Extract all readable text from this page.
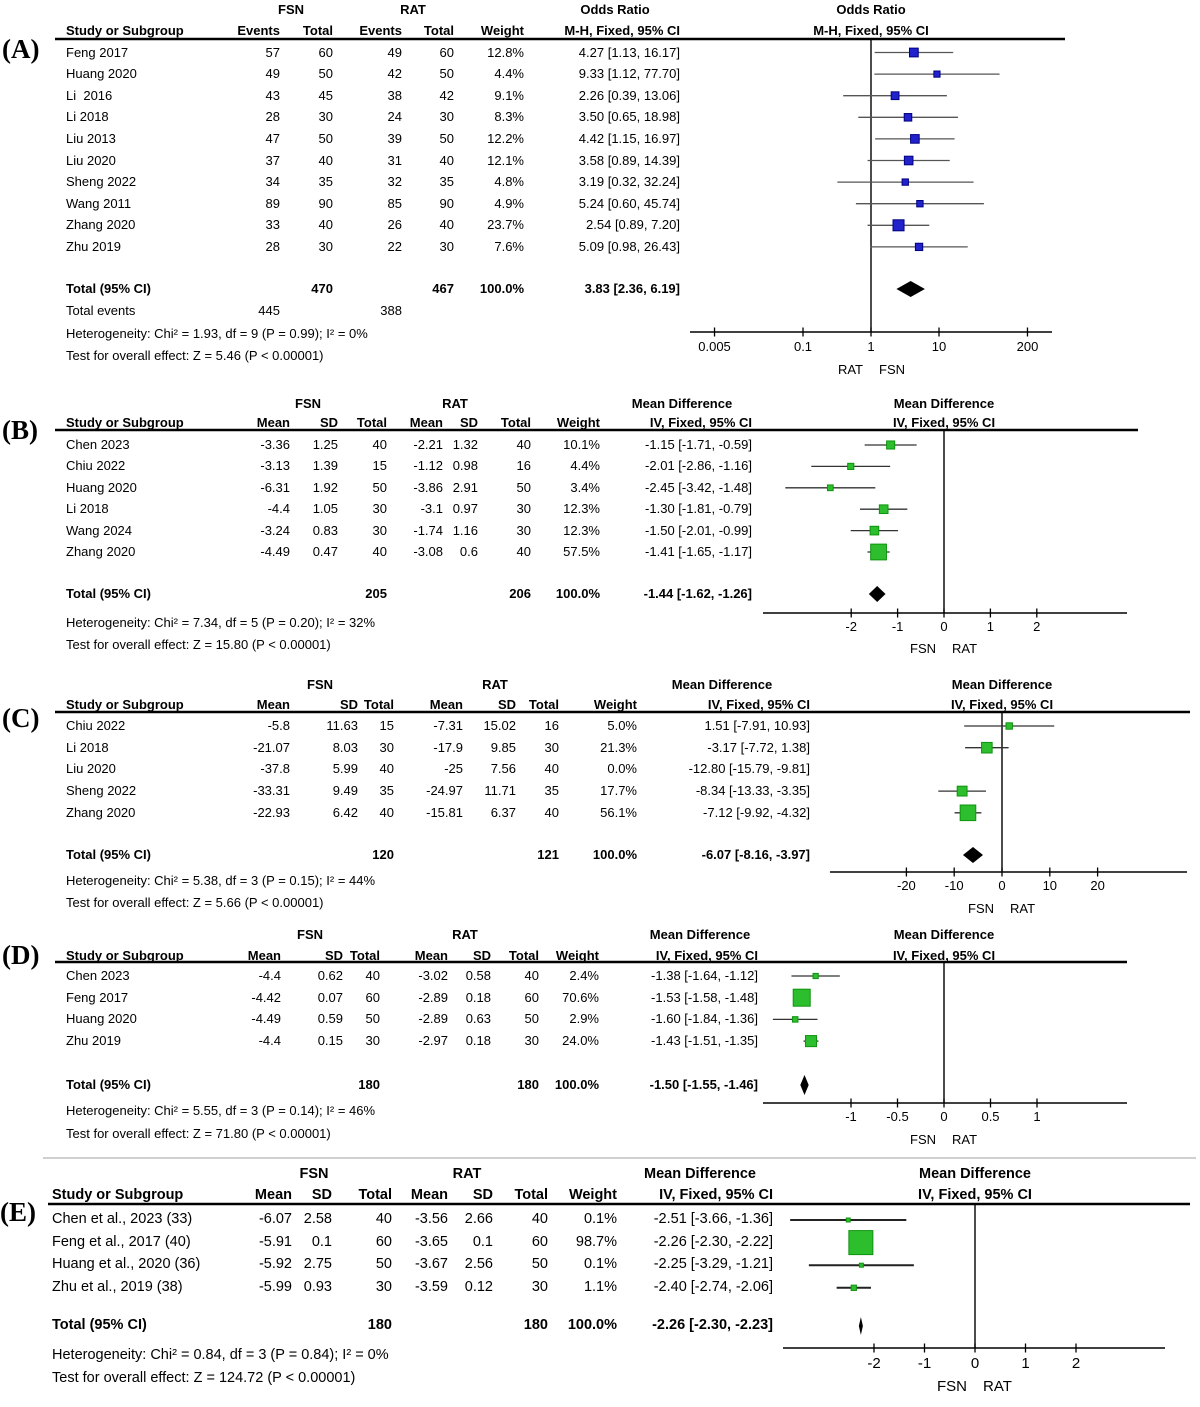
(A)
(B)
(C)
(D)
(E)
FSN	RAT	Odds Ratio	Odds Ratio
M-H, Fixed, 95% CI
Study or Subgroup	Events Total Events Total Weight	M-H, Fixed, 95% CI
0.005	0.1	1	10	200
RAT FSN
Feng 2017	57	60	49	60	12.8%	4.27 [1.13, 16.17]
Huang 2020	49	50	42	50	4.4%	9.33 [1.12, 77.70]
Li  2016	43	45	38	42	9.1%	2.26 [0.39, 13.06]
Li 2018	28	30	24	30	8.3%	3.50 [0.65, 18.98]
Liu 2013	47	50	39	50	12.2%	4.42 [1.15, 16.97]
Liu 2020	37	40	31	40	12.1%	3.58 [0.89, 14.39]
Sheng 2022	34	35	32	35	4.8%	3.19 [0.32, 32.24]
Wang 2011	89	90	85	90	4.9%	5.24 [0.60, 45.74]
Zhang 2020	33	40	26	40	23.7%	2.54 [0.89, 7.20]
Zhu 2019	28	30	22	30	7.6%	5.09 [0.98, 26.43]
Total (95% CI)	470	467 100.0%	3.83 [2.36, 6.19]
Total events	445	388
Heterogeneity: Chi² = 1.93, df = 9 (P = 0.99); I² = 0%
Test for overall effect: Z = 5.46 (P < 0.00001)
FSN	RAT	Mean Difference	Mean Difference
IV, Fixed, 95% CI
Study or Subgroup	Mean SD Total Mean SD Total Weight	IV, Fixed, 95% CI
-2	-1	0	1	2
FSN RAT
Chen 2023	-3.36 1.25	40 -2.21 1.32	40 10.1%	-1.15 [-1.71, -0.59]
Chiu 2022	-3.13 1.39	15 -1.12 0.98	16	4.4%	-2.01 [-2.86, -1.16]
Huang 2020	-6.31 1.92	50 -3.86 2.91	50	3.4%	-2.45 [-3.42, -1.48]
Li 2018	-4.4 1.05	30	-3.1 0.97	30 12.3%	-1.30 [-1.81, -0.79]
Wang 2024	-3.24 0.83	30 -1.74 1.16	30 12.3%	-1.50 [-2.01, -0.99]
Zhang 2020	-4.49 0.47	40 -3.08 0.6	40 57.5%	-1.41 [-1.65, -1.17]
Total (95% CI)	205	206 100.0%	-1.44 [-1.62, -1.26]
Heterogeneity: Chi² = 7.34, df = 5 (P = 0.20); I² = 32%
Test for overall effect: Z = 15.80 (P < 0.00001)
FSN	RAT	Mean Difference	Mean Difference
IV, Fixed, 95% CI
Study or Subgroup	Mean	SD Total	Mean	SD Total	Weight	IV, Fixed, 95% CI
-20 -10	0	10	20
FSN RAT
Chiu 2022	-5.8	11.63 15	-7.31 15.02 16	5.0%	1.51 [-7.91, 10.93]
Li 2018	-21.07	8.03 30	-17.9 9.85 30	21.3%	-3.17 [-7.72, 1.38]
Liu 2020	-37.8	5.99 40	-25 7.56 40	0.0%	-12.80 [-15.79, -9.81]
Sheng 2022	-33.31	9.49 35 -24.97 11.71 35	17.7%	-8.34 [-13.33, -3.35]
Zhang 2020	-22.93	6.42 40 -15.81 6.37 40	56.1%	-7.12 [-9.92, -4.32]
Total (95% CI)	120	121	100.0%	-6.07 [-8.16, -3.97]
Heterogeneity: Chi² = 5.38, df = 3 (P = 0.15); I² = 44%
Test for overall effect: Z = 5.66 (P < 0.00001)
FSN	RAT	Mean Difference	Mean Difference
IV, Fixed, 95% CI
Study or Subgroup	Mean	SD Total	Mean SD Total Weight	IV, Fixed, 95% CI
-1 -0.5 0	0.5	1
FSN RAT
Chen 2023	-4.4	0.62 40	-3.02 0.58	40 2.4%	-1.38 [-1.64, -1.12]
Feng 2017	-4.42	0.07 60	-2.89 0.18	60 70.6%	-1.53 [-1.58, -1.48]
Huang 2020	-4.49	0.59 50	-2.89 0.63	50 2.9%	-1.60 [-1.84, -1.36]
Zhu 2019	-4.4	0.15 30	-2.97 0.18	30 24.0%	-1.43 [-1.51, -1.35]
Total (95% CI)	180	180 100.0%	-1.50 [-1.55, -1.46]
Heterogeneity: Chi² = 5.55, df = 3 (P = 0.14); I² = 46%
Test for overall effect: Z = 71.80 (P < 0.00001)
FSN	RAT	Mean Difference	Mean Difference
IV, Fixed, 95% CI
Study or Subgroup	Mean SD Total Mean SD Total Weight	IV, Fixed, 95% CI
-2 -1	0	1	2
FSN RAT
Chen et al., 2023 (33)	-6.07 2.58	40 -3.56 2.66	40 0.1%	-2.51 [-3.66, -1.36]
Feng et al., 2017 (40)	-5.91 0.1	60 -3.65 0.1	60 98.7%	-2.26 [-2.30, -2.22]
Huang et al., 2020 (36)	-5.92 2.75	50 -3.67 2.56	50 0.1%	-2.25 [-3.29, -1.21]
Zhu et al., 2019 (38)	-5.99 0.93	30 -3.59 0.12	30 1.1%	-2.40 [-2.74, -2.06]
Total (95% CI)	180	180 100.0% -2.26 [-2.30, -2.23]
Heterogeneity: Chi² = 0.84, df = 3 (P = 0.84); I² = 0%
Test for overall effect: Z = 124.72 (P < 0.00001)
